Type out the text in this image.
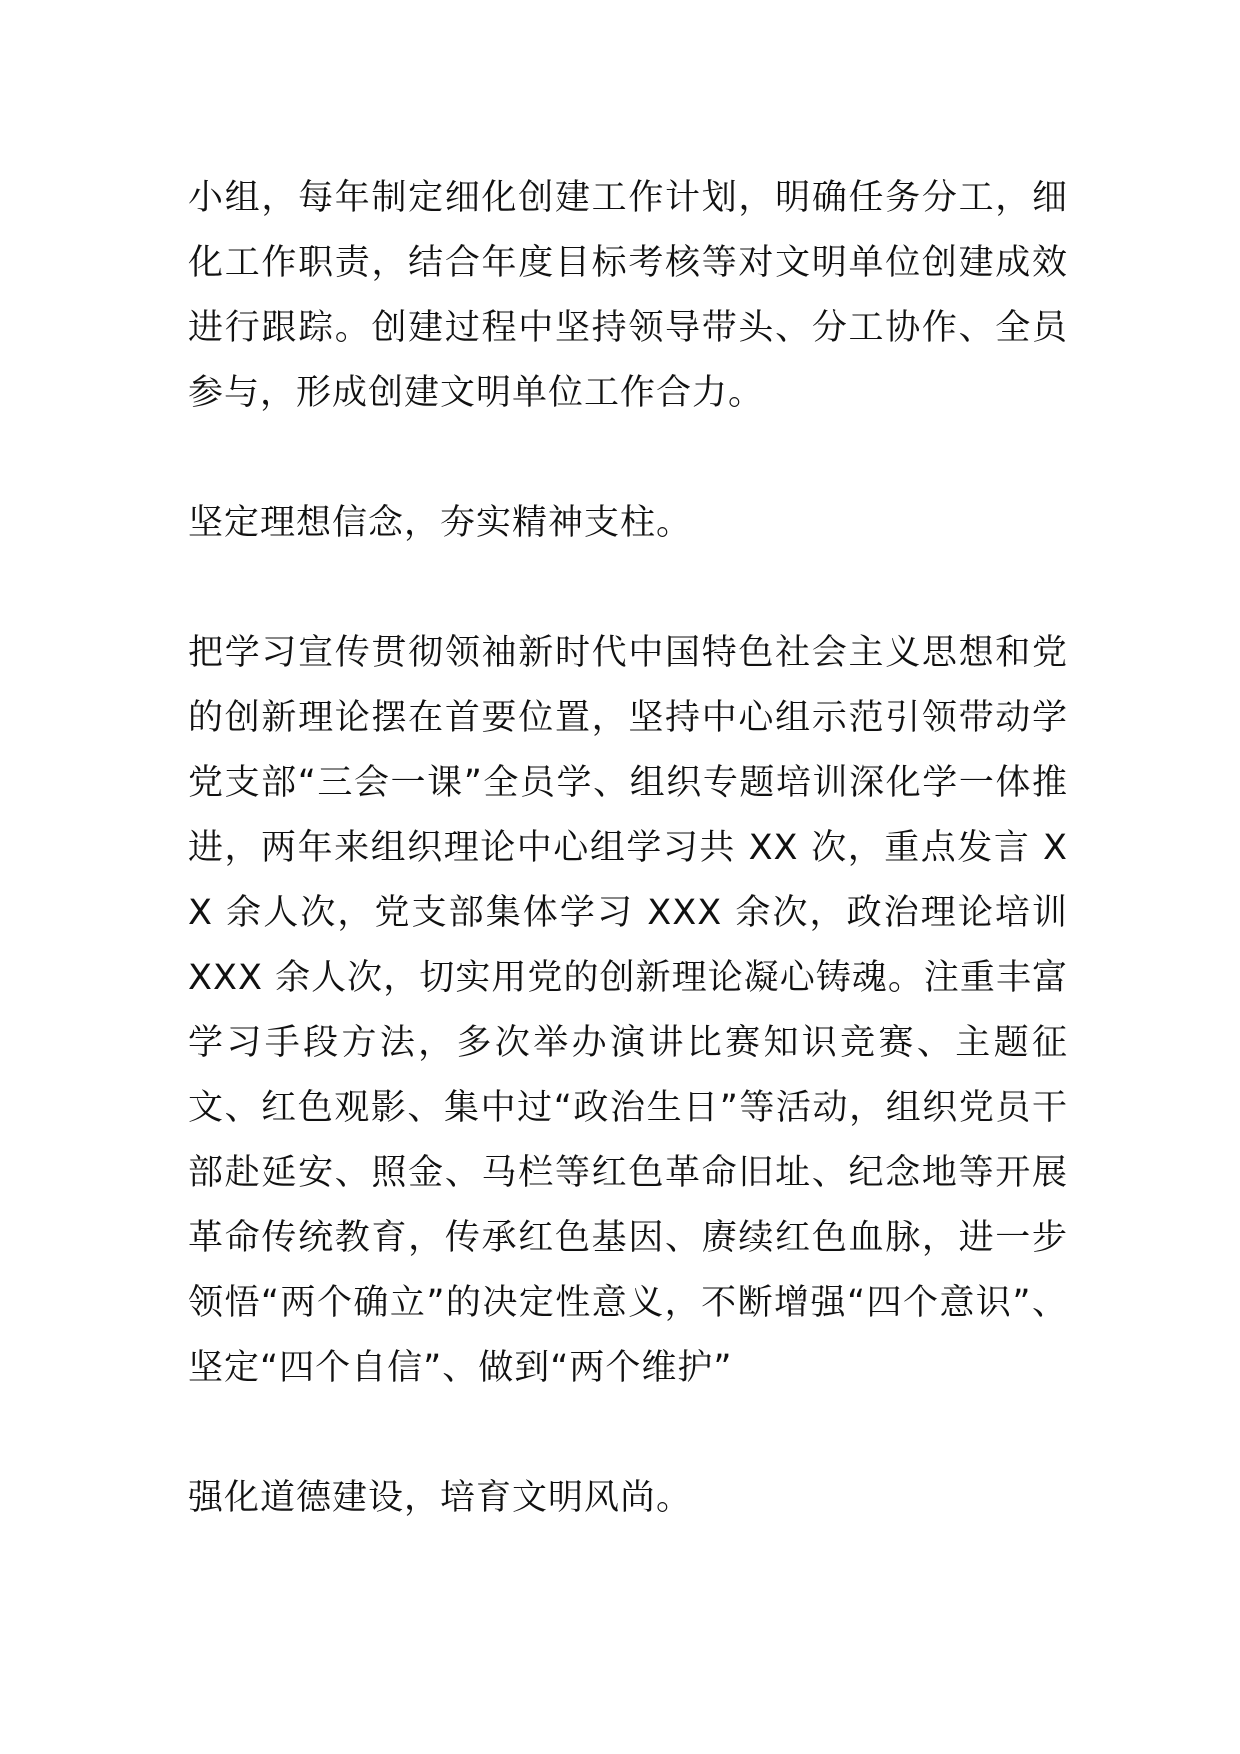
小组，每年制定细化创建工作计划，明确任务分工，细化工作职责，结合年度目标考核等对文明单位创建成效进行跟踪。创建过程中坚持领导带头、分工协作、全员参与，形成创建文明单位工作合力。

坚定理想信念，夯实精神支柱。

把学习宣传贯彻领袖新时代中国特色社会主义思想和党的创新理论摆在首要位置，坚持中心组示范引领带动学党支部“三会一课”全员学、组织专题培训深化学一体推进，两年来组织理论中心组学习共 XX 次，重点发言 XX 余人次，党支部集体学习 XXX 余次，政治理论培训 XXX 余人次，切实用党的创新理论凝心铸魂。注重丰富学习手段方法，多次举办演讲比赛知识竞赛、主题征文、红色观影、集中过“政治生日”等活动，组织党员干部赴延安、照金、马栏等红色革命旧址、纪念地等开展革命传统教育，传承红色基因、赓续红色血脉，进一步领悟“两个确立”的决定性意义，不断增强“四个意识”、坚定“四个自信”、做到“两个维护”

强化道德建设，培育文明风尚。
